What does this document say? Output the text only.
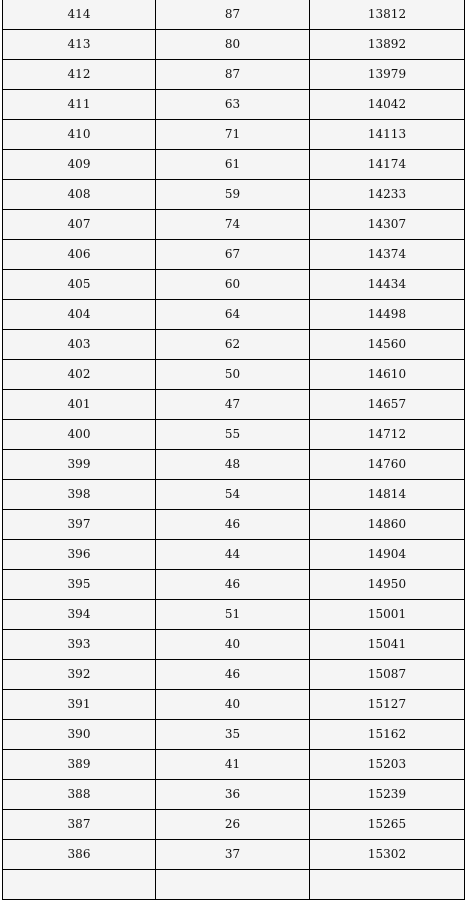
414	87	13812
413	80	13892
412	87	13979
411	63	14042
410	71	14113
409	61	14174
408	59	14233
407	74	14307
406	67	14374
405	60	14434
404	64	14498
403	62	14560
402	50	14610
401	47	14657
400	55	14712
399	48	14760
398	54	14814
397	46	14860
396	44	14904
395	46	14950
394	51	15001
393	40	15041
392	46	15087
391	40	15127
390	35	15162
389	41	15203
388	36	15239
387	26	15265
386	37	15302
